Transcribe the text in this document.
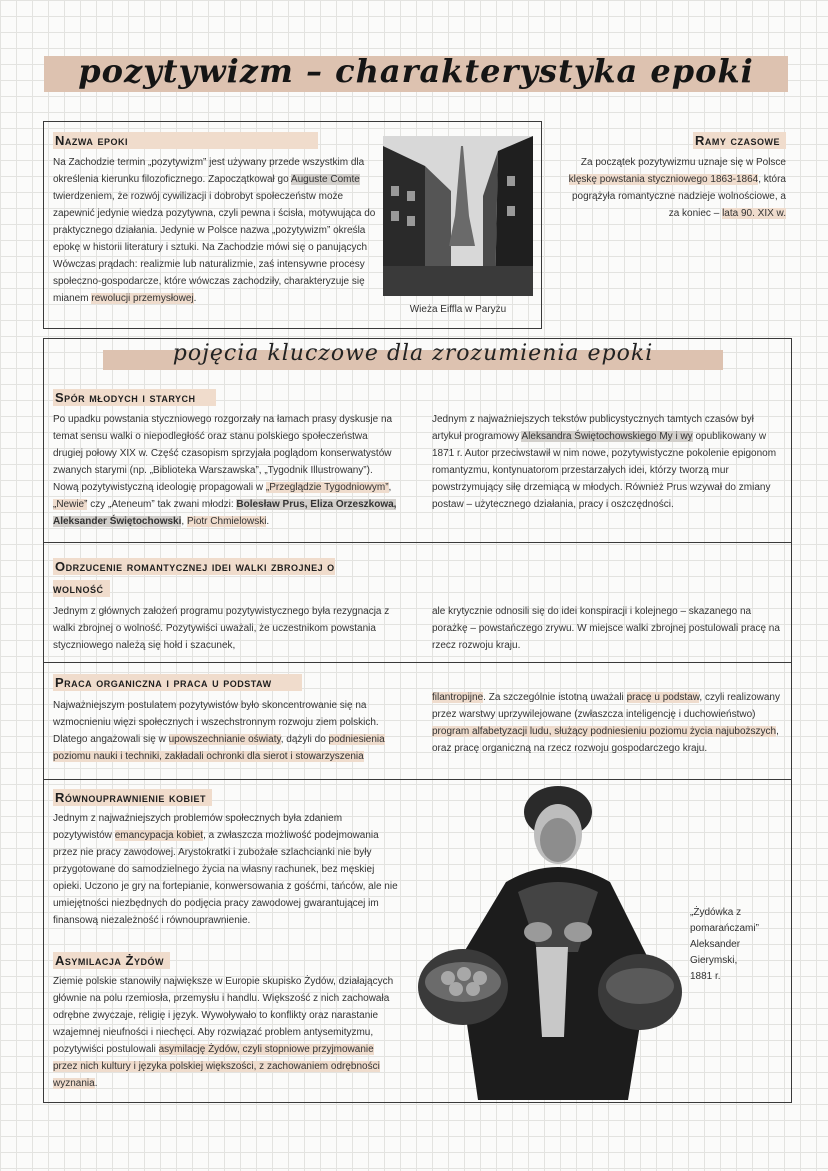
pozytywizm – charakterystyka epoki
Nazwa epoki
Na Zachodzie termin „pozytywizm” jest używany przede wszystkim dla określenia kierunku filozoficznego. Zapoczątkował go Auguste Comte twierdzeniem, że rozwój cywilizacji i dobrobyt społeczeństw może zapewnić jedynie wiedza pozytywna, czyli pewna i ścisła, motywująca do praktycznego działania. Jedynie w Polsce nazwa „pozytywizm” określa epokę w historii literatury i sztuki. Na Zachodzie mówi się o panujących Wówczas prądach: realizmie lub naturalizmie, zaś intensywne procesy społeczno-gospodarcze, które wówczas zachodziły, charakteryzuje się mianem rewolucji przemysłowej.
Wieża Eiffla w Paryżu
Ramy czasowe
Za początek pozytywizmu uznaje się w Polsce klęskę powstania styczniowego 1863-1864, która pogrążyła romantyczne nadzieje wolnościowe, a za koniec – lata 90. XIX w.
pojęcia kluczowe dla zrozumienia epoki
Spór młodych i starych
Po upadku powstania styczniowego rozgorzały na łamach prasy dyskusje na temat sensu walki o niepodległość oraz stanu polskiego społeczeństwa drugiej połowy XIX w. Część czasopism sprzyjała poglądom konserwatystów zwanych starymi (np. „Biblioteka Warszawska”, „Tygodnik Illustrowany”). Nową pozytywistyczną ideologię propagowali w „Przeglądzie Tygodniowym”, „Newie” czy „Ateneum” tak zwani młodzi: Bolesław Prus, Eliza Orzeszkowa, Aleksander Świętochowski, Piotr Chmielowski.
Jednym z najważniejszych tekstów publicystycznych tamtych czasów był artykuł programowy Aleksandra Świętochowskiego My i wy opublikowany w 1871 r. Autor przeciwstawił w nim nowe, pozytywistyczne pokolenie epigonom romantyzmu, kontynuatorom przestarzałych idei, którzy tworzą mur powstrzymujący siłę drzemiącą w młodych. Również Prus wzywał do zmiany postaw – użytecznego działania, pracy i oszczędności.
Odrzucenie romantycznej idei walki zbrojnej o wolność
Jednym z głównych założeń programu pozytywistycznego była rezygnacja z walki zbrojnej o wolność. Pozytywiści uważali, że uczestnikom powstania styczniowego należą się hołd i szacunek,
ale krytycznie odnosili się do idei konspiracji i kolejnego – skazanego na porażkę – powstańczego zrywu. W miejsce walki zbrojnej postulowali pracę na rzecz rozwoju kraju.
Praca organiczna i praca u podstaw
Najważniejszym postulatem pozytywistów było skoncentrowanie się na wzmocnieniu więzi społecznych i wszechstronnym rozwoju ziem polskich. Dlatego angażowali się w upowszechnianie oświaty, dążyli do podniesienia poziomu nauki i techniki, zakładali ochronki dla sierot i stowarzyszenia
filantropijne. Za szczególnie istotną uważali pracę u podstaw, czyli realizowany przez warstwy uprzywilejowane (zwłaszcza inteligencję i duchowieństwo) program alfabetyzacji ludu, służący podniesieniu poziomu życia najuboższych, oraz pracę organiczną na rzecz rozwoju gospodarczego kraju.
Równouprawnienie kobiet
Jednym z najważniejszych problemów społecznych była zdaniem pozytywistów emancypacja kobiet, a zwłaszcza możliwość podejmowania przez nie pracy zawodowej. Arystokratki i zubożałe szlachcianki nie były przygotowane do samodzielnego życia na własny rachunek, bez męskiej opieki. Uczono je gry na fortepianie, konwersowania z gośćmi, tańców, ale nie umiejętności niezbędnych do podjęcia pracy zawodowej gwarantującej im finansową niezależność i równouprawnienie.
Asymilacja Żydów
Ziemie polskie stanowiły największe w Europie skupisko Żydów, działających głównie na polu rzemiosła, przemysłu i handlu. Większość z nich zachowała odrębne zwyczaje, religię i język. Wywoływało to konflikty oraz narastanie wzajemnej nieufności i niechęci. Aby rozwiązać problem antysemityzmu, pozytywiści postulowali asymilację Żydów, czyli stopniowe przyjmowanie przez nich kultury i języka polskiej większości, z zachowaniem odrębności wyznania.
„Żydówka z
pomarańczami”
Aleksander Gierymski,
1881 r.
